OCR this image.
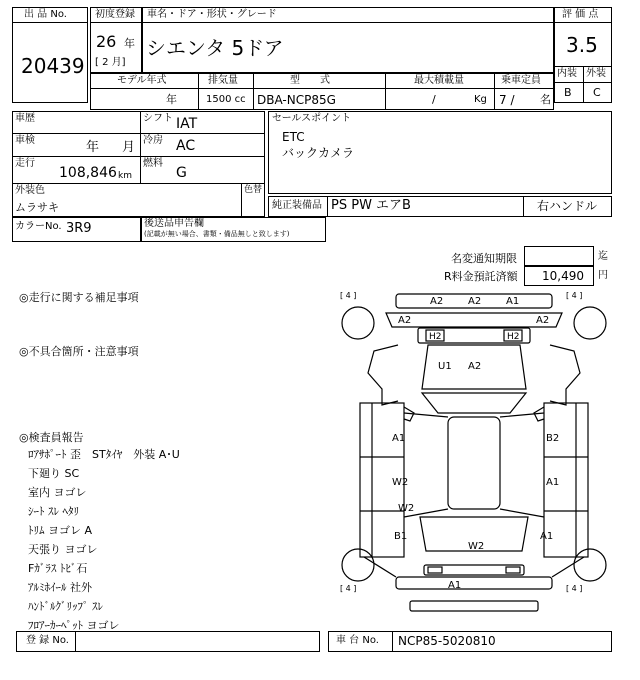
出 品 No.
20439
初度登録
26 年
[ 2 月]
車名・ドア・形状・グレード
シエンタ 5ドア
評 価 点
3.5
内装 外装
B C
モデル年式
年
排気量
1500 cc
型　　式
DBA-NCP85G
最大積載量
/	Kg
乗車定員
7 / 名
車歴	シフト IAT
車検	年 月 冷房 AC
走行
108,846 km
燃料
G
外装色
ムラサキ
色替
カラーNo. 3R9	後送品申告欄
(記載が無い場合、書類・備品無しと致します)
セールスポイント
ETC
バックカメラ
純正装備品 PS PW エアB	右ハンドル
名変通知期限	迄
R料金預託済額 10,490 円
◎走行に関する補足事項
◎不具合箇所・注意事項
◎検査員報告
ﾛｱｻﾎﾟｰﾄ 歪　STﾀｲﾔ　外装 A･U
下廻り SC
室内 ヨゴレ
ｼｰﾄ ｽﾚ ﾍﾀﾘ
ﾄﾘﾑ ヨゴレ A
天張り ヨゴレ
Fｶﾞﾗｽ ﾄﾋﾞ石
ｱﾙﾐﾎｲｰﾙ 社外
ﾊﾝﾄﾞﾙｸﾞﾘｯﾌﾟ ｽﾚ
ﾌﾛｱｰｶｰﾍﾟｯﾄ ヨゴレ
[ 4 ]	[ 4 ]
[ 4 ]	[ 4 ]
A2 A2 A1
A2	A2
H2	H2
U1 A2
A1	B2
W2	A1
W2
B1	A1
W2
A1
登 録 No.	車 台 No. NCP85-5020810
